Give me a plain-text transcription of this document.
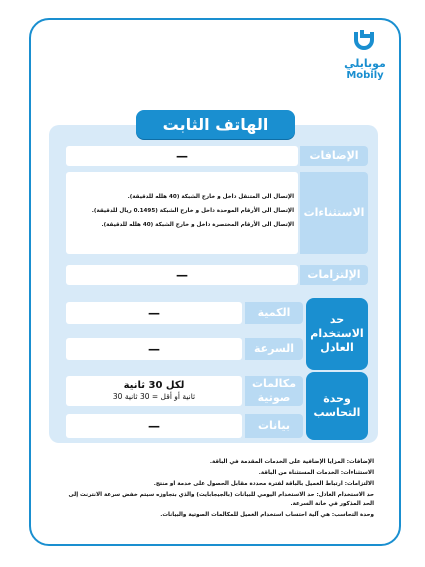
موبايلي
Mobily
الهاتف الثابت
الإضافات
—
الاستثناءات
الإتصال الى المتنقل داخل و خارج الشبكة (40 هلله للدقيقة).
الإتصال الى الأرقام الموحدة داخل و خارج الشبكة (0.1495 ريال للدقيقة).
الإتصال الى الأرقام المختصرة داخل و خارج الشبكة (40 هلله للدقيقة).
الإلتزامات
—
حد الاستخدام العادل
الكمية
—
السرعة
—
وحدة التحاسب
مكالمات صوتية
لكل 30 ثانية
30 ثانية أو أقل = 30 ثانية
بيانات
—

الإضافات: المزايا الإضافية على الخدمات المقدمة في الباقة.

الاستثناءات: الخدمات المستثناة من الباقة.

الالتزامات: ارتباط العميل بالباقة لفترة محددة مقابل الحصول على خدمة او منتج.

حد الاستخدام العادل: حد الاستخدام اليومي للبيانات (بالجيجابايت) والذي بتجاوزه سيتم خفض سرعة الانترنت إلى الحد المذكور في خانة السرعة.

وحدة التحاسب: هي آلية احتساب استخدام العميل للمكالمات الصوتية والبيانات.
